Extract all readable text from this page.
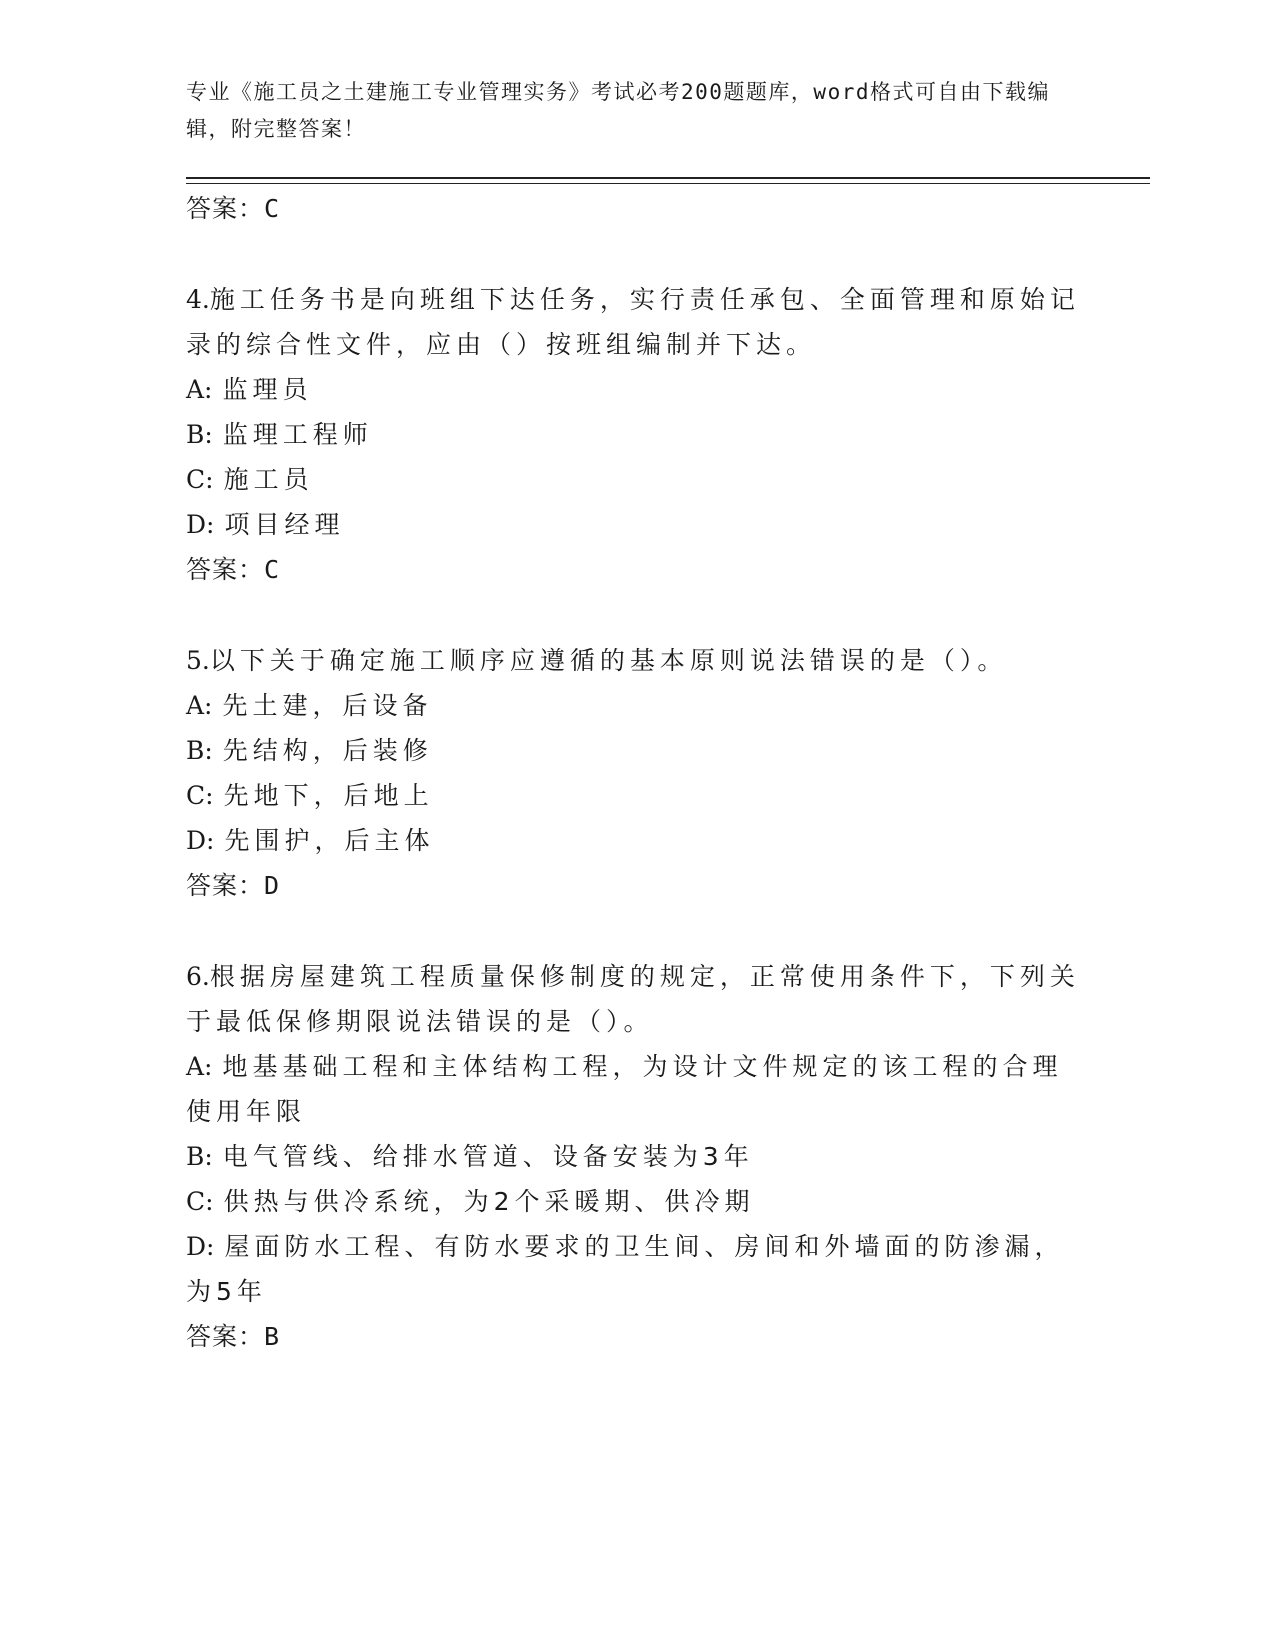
专业《施工员之土建施工专业管理实务》考试必考200题题库，word格式可自由下载编辑，附完整答案！
答案：C
4.施工任务书是向班组下达任务，实行责任承包、全面管理和原始记录的综合性文件，应由（）按班组编制并下达。
A: 监理员
B: 监理工程师
C: 施工员
D: 项目经理
答案：C
5.以下关于确定施工顺序应遵循的基本原则说法错误的是（）。
A: 先土建，后设备
B: 先结构，后装修
C: 先地下，后地上
D: 先围护，后主体
答案：D
6.根据房屋建筑工程质量保修制度的规定，正常使用条件下，下列关于最低保修期限说法错误的是（）。
A: 地基基础工程和主体结构工程，为设计文件规定的该工程的合理使用年限
B: 电气管线、给排水管道、设备安装为3年
C: 供热与供冷系统，为2个采暖期、供冷期
D: 屋面防水工程、有防水要求的卫生间、房间和外墙面的防渗漏，为5年
答案：B
